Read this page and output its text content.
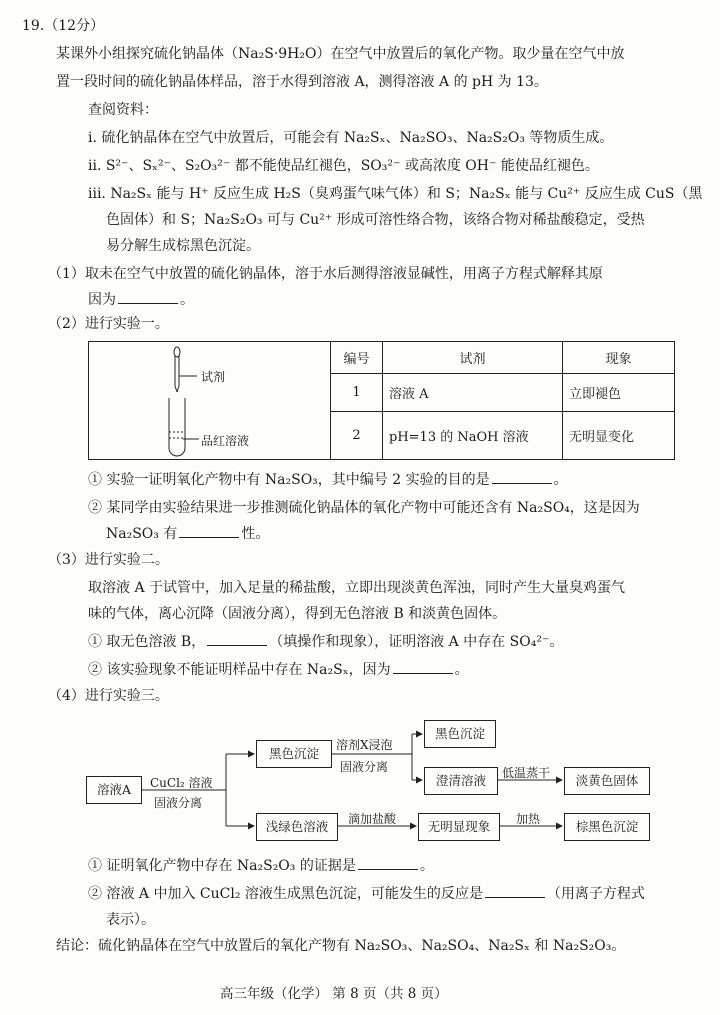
19.（12分）
某课外小组探究硫化钠晶体（Na₂S·9H₂O）在空气中放置后的氧化产物。取少量在空气中放
置一段时间的硫化钠晶体样品，溶于水得到溶液 A，测得溶液 A 的 pH 为 13。
查阅资料：
i. 硫化钠晶体在空气中放置后，可能会有 Na₂Sₓ、Na₂SO₃、Na₂S₂O₃ 等物质生成。
ii. S²⁻、Sₓ²⁻、S₂O₃²⁻ 都不能使品红褪色，SO₃²⁻ 或高浓度 OH⁻ 能使品红褪色。
iii. Na₂Sₓ 能与 H⁺ 反应生成 H₂S（臭鸡蛋气味气体）和 S；Na₂Sₓ 能与 Cu²⁺ 反应生成 CuS（黑
色固体）和 S；Na₂S₂O₃ 可与 Cu²⁺ 形成可溶性络合物，该络合物对稀盐酸稳定，受热
易分解生成棕黑色沉淀。
（1）取未在空气中放置的硫化钠晶体，溶于水后测得溶液显碱性，用离子方程式解释其原
因为	。
（2）进行实验一。
试剂
品红溶液	编号	试剂	现象
	1	溶液 A	立即褪色
	2	pH=13 的 NaOH 溶液	无明显变化
① 实验一证明氧化产物中有 Na₂SO₃，其中编号 2 实验的目的是	。
② 某同学由实验结果进一步推测硫化钠晶体的氧化产物中可能还含有 Na₂SO₄，这是因为
Na₂SO₃ 有	性。
（3）进行实验二。
取溶液 A 于试管中，加入足量的稀盐酸，立即出现淡黄色浑浊，同时产生大量臭鸡蛋气
味的气体，离心沉降（固液分离），得到无色溶液 B 和淡黄色固体。
① 取无色溶液 B，	（填操作和现象），证明溶液 A 中存在 SO₄²⁻。
② 该实验现象不能证明样品中存在 Na₂Sₓ，因为	。
（4）进行实验三。
溶液A	CuCl₂ 溶液
固液分离
黑色沉淀
溶剂X浸泡
固液分离
黑色沉淀
澄清溶液	低温蒸干	淡黄色固体
浅绿色溶液	滴加盐酸	无明显现象	加热	棕黑色沉淀
① 证明氧化产物中存在 Na₂S₂O₃ 的证据是	。
② 溶液 A 中加入 CuCl₂ 溶液生成黑色沉淀，可能发生的反应是	（用离子方程式
表示）。
结论：硫化钠晶体在空气中放置后的氧化产物有 Na₂SO₃、Na₂SO₄、Na₂Sₓ 和 Na₂S₂O₃。
高三年级（化学） 第 8 页（共 8 页）
